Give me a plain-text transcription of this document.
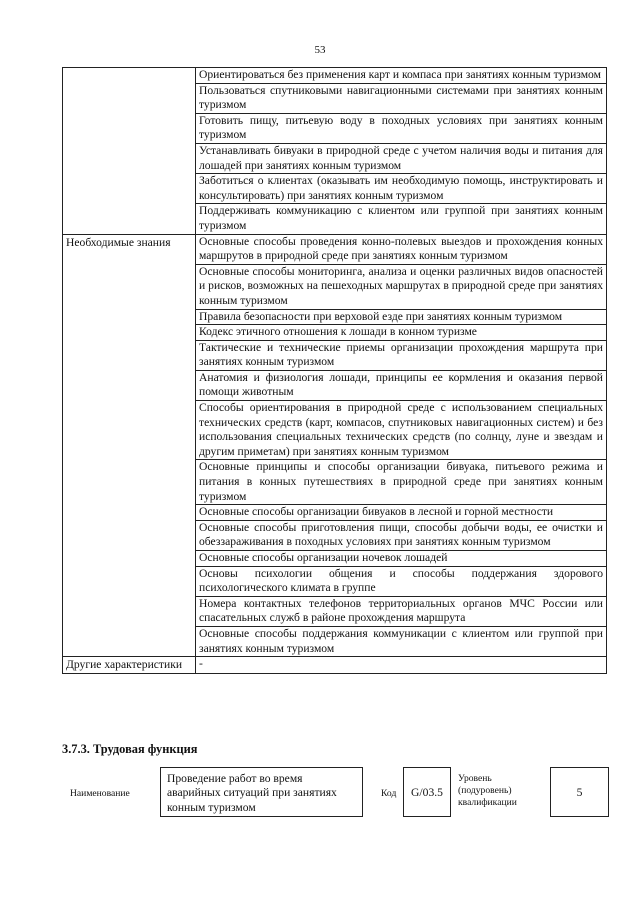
53
	Ориентироваться без применения карт и компаса при занятиях конным туризмом
	Пользоваться спутниковыми навигационными системами при занятиях конным туризмом
	Готовить пищу, питьевую воду в походных условиях при занятиях конным туризмом
	Устанавливать бивуаки в природной среде с учетом наличия воды и питания для лошадей при занятиях конным туризмом
	Заботиться о клиентах (оказывать им необходимую помощь, инструктировать и консультировать) при занятиях конным туризмом
	Поддерживать коммуникацию с клиентом или группой при занятиях конным туризмом
Необходимые знания	Основные способы проведения конно-полевых выездов и прохождения конных маршрутов в природной среде при занятиях конным туризмом
	Основные способы мониторинга, анализа и оценки различных видов опасностей и рисков, возможных на пешеходных маршрутах в природной среде при занятиях конным туризмом
	Правила безопасности при верховой езде при занятиях конным туризмом
	Кодекс этичного отношения к лошади в конном туризме
	Тактические и технические приемы организации прохождения маршрута при занятиях конным туризмом
	Анатомия и физиология лошади, принципы ее кормления и оказания первой помощи животным
	Способы ориентирования в природной среде с использованием специальных технических средств (карт, компасов, спутниковых навигационных систем) и без использования специальных технических средств (по солнцу, луне и звездам и другим приметам) при занятиях конным туризмом
	Основные принципы и способы организации бивуака, питьевого режима и питания в конных путешествиях в природной среде при занятиях конным туризмом
	Основные способы организации бивуаков в лесной и горной местности
	Основные способы приготовления пищи, способы добычи воды, ее очистки и обеззараживания в походных условиях при занятиях конным туризмом
	Основные способы организации ночевок лошадей
	Основы психологии общения и способы поддержания здорового психологического климата в группе
	Номера контактных телефонов территориальных органов МЧС России или спасательных служб в районе прохождения маршрута
	Основные способы поддержания коммуникации с клиентом или группой при занятиях конным туризмом
Другие характеристики	-
3.7.3. Трудовая функция
Наименование
Проведение работ во время аварийных ситуаций при занятиях конным туризмом
Код	G/03.5
Уровень (подуровень) квалификации
5
